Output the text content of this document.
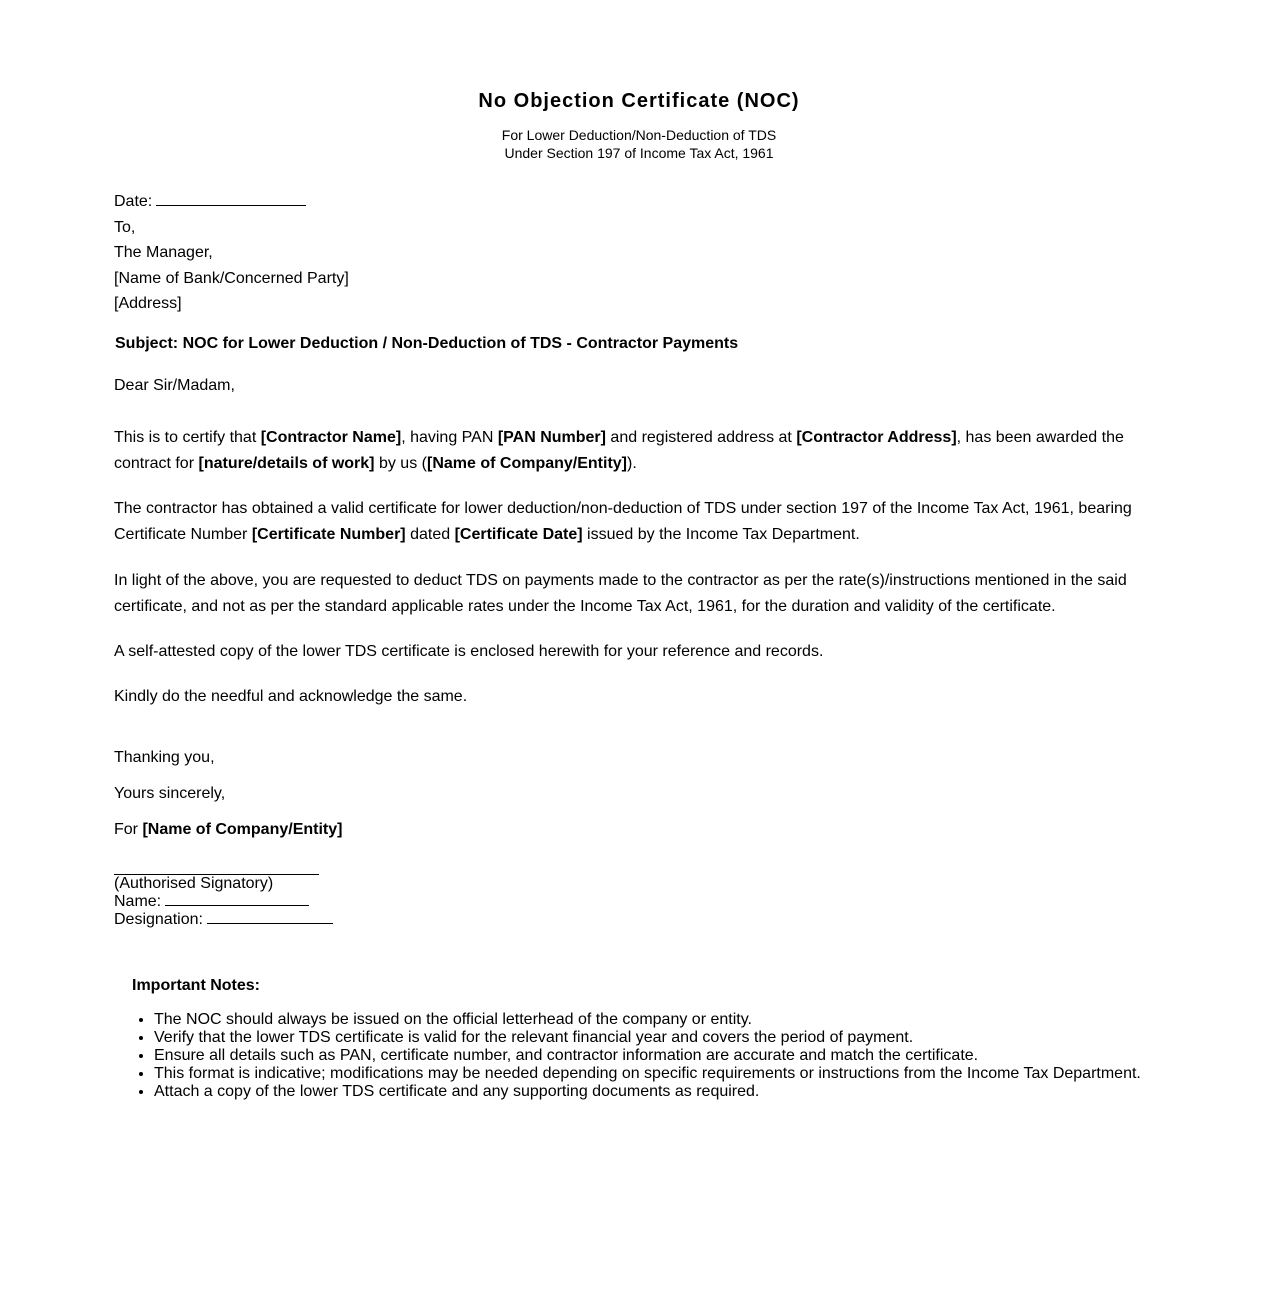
No Objection Certificate (NOC)
For Lower Deduction/Non-Deduction of TDS
Under Section 197 of Income Tax Act, 1961
Date:
To,
The Manager,
[Name of Bank/Concerned Party]
[Address]
Subject: NOC for Lower Deduction / Non-Deduction of TDS - Contractor Payments
Dear Sir/Madam,
This is to certify that [Contractor Name], having PAN [PAN Number] and registered address at [Contractor Address], has been awarded the contract for [nature/details of work] by us ([Name of Company/Entity]).
The contractor has obtained a valid certificate for lower deduction/non-deduction of TDS under section 197 of the Income Tax Act, 1961, bearing Certificate Number [Certificate Number] dated [Certificate Date] issued by the Income Tax Department.
In light of the above, you are requested to deduct TDS on payments made to the contractor as per the rate(s)/instructions mentioned in the said certificate, and not as per the standard applicable rates under the Income Tax Act, 1961, for the duration and validity of the certificate.
A self-attested copy of the lower TDS certificate is enclosed herewith for your reference and records.
Kindly do the needful and acknowledge the same.
Thanking you,
Yours sincerely,
For [Name of Company/Entity]
(Authorised Signatory)
Name:
Designation:
Important Notes:
• The NOC should always be issued on the official letterhead of the company or entity.
• Verify that the lower TDS certificate is valid for the relevant financial year and covers the period of payment.
• Ensure all details such as PAN, certificate number, and contractor information are accurate and match the certificate.
• This format is indicative; modifications may be needed depending on specific requirements or instructions from the Income Tax Department.
• Attach a copy of the lower TDS certificate and any supporting documents as required.
